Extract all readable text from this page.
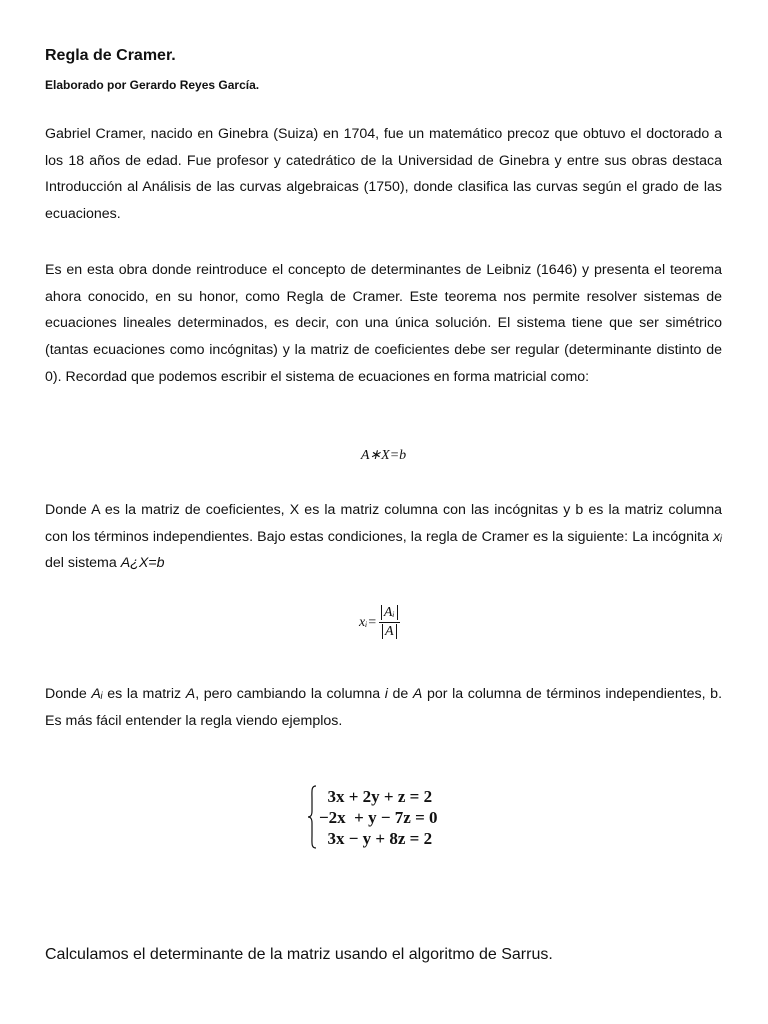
Regla de Cramer.

Elaborado por Gerardo Reyes García.

Gabriel Cramer, nacido en Ginebra (Suiza) en 1704, fue un matemático precoz que obtuvo el doctorado a los 18 años de edad. Fue profesor y catedrático de la Universidad de Ginebra y entre sus obras destaca Introducción al Análisis de las curvas algebraicas (1750), donde clasifica las curvas según el grado de las ecuaciones.

Es en esta obra donde reintroduce el concepto de determinantes de Leibniz (1646) y presenta el teorema ahora conocido, en su honor, como Regla de Cramer. Este teorema nos permite resolver sistemas de ecuaciones lineales determinados, es decir, con una única solución. El sistema tiene que ser simétrico (tantas ecuaciones como incógnitas) y la matriz de coeficientes debe ser regular (determinante distinto de 0). Recordad que podemos escribir el sistema de ecuaciones en forma matricial como:

A∗X=b

Donde A es la matriz de coeficientes, X es la matriz columna con las incógnitas y b es la matriz columna con los términos independientes. Bajo estas condiciones, la regla de Cramer es la siguiente: La incógnita xᵢ del sistema A¿X=b

xᵢ= $\frac{\text{Aᵢ}}{A}$

Donde Aᵢ es la matriz A, pero cambiando la columna i de A por la columna de términos independientes, b. Es más fácil entender la regla viendo ejemplos.

3x + 2y + z = 2
−2x  + y − 7z = 0
3x − y + 8z = 2

Calculamos el determinante de la matriz usando el algoritmo de Sarrus.
